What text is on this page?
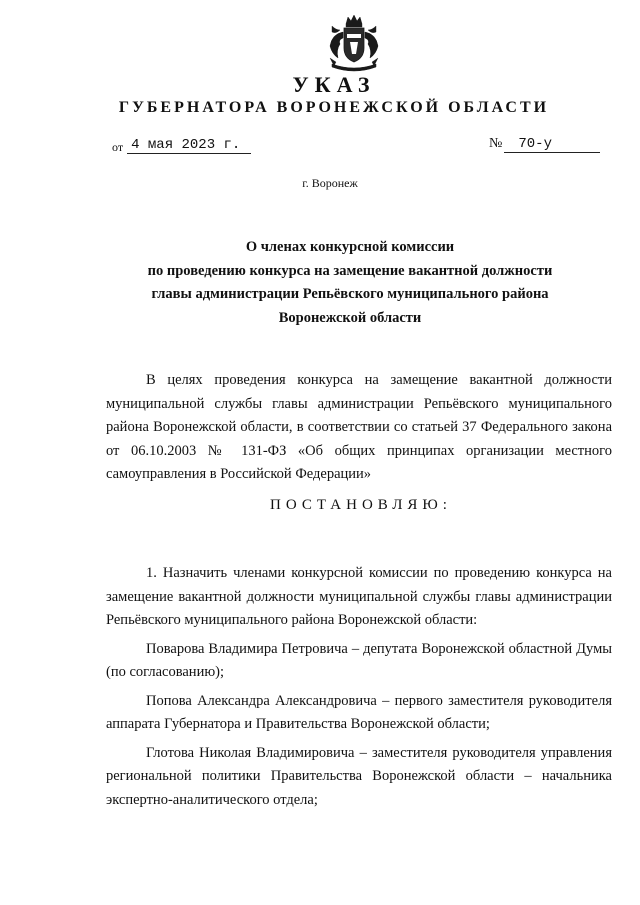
УКАЗ
ГУБЕРНАТОРА ВОРОНЕЖСКОЙ ОБЛАСТИ
от 4 мая 2023 г.	№ 70-у
г. Воронеж
О членах конкурсной комиссии
по проведению конкурса на замещение вакантной должности
главы администрации Репьёвского муниципального района
Воронежской области
В целях проведения конкурса на замещение вакантной должности муниципальной службы главы администрации Репьёвского муниципального района Воронежской области, в соответствии со статьей 37 Федерального закона от 06.10.2003 № 131-ФЗ «Об общих принципах организации местного самоуправления в Российской Федерации»
ПОСТАНОВЛЯЮ:

1. Назначить членами конкурсной комиссии по проведению конкурса на замещение вакантной должности муниципальной службы главы администрации Репьёвского муниципального района Воронежской области:

Поварова Владимира Петровича – депутата Воронежской областной Думы (по согласованию);

Попова Александра Александровича – первого заместителя руководителя аппарата Губернатора и Правительства Воронежской области;

Глотова Николая Владимировича – заместителя руководителя управления региональной политики Правительства Воронежской области – начальника экспертно-аналитического отдела;
